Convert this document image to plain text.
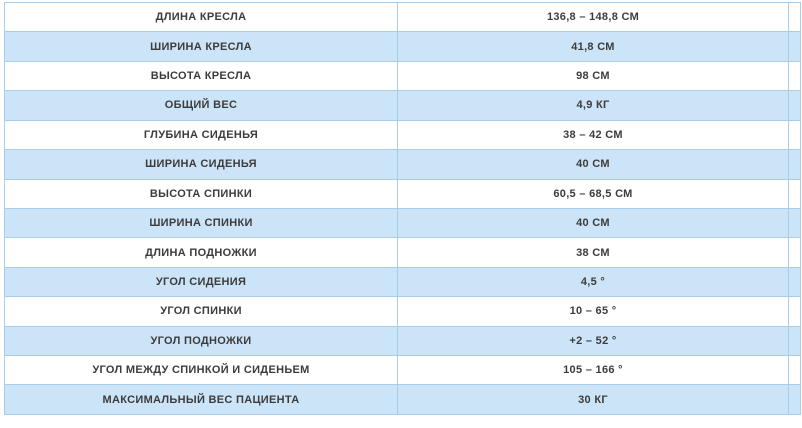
ДЛИНА КРЕСЛА	136,8 – 148,8 СМ	
ШИРИНА КРЕСЛА	41,8 СМ	
ВЫСОТА КРЕСЛА	98 СМ	
ОБЩИЙ ВЕС	4,9 КГ	
ГЛУБИНА СИДЕНЬЯ	38 – 42 СМ	
ШИРИНА СИДЕНЬЯ	40 СМ	
ВЫСОТА СПИНКИ	60,5 – 68,5 СМ	
ШИРИНА СПИНКИ	40 СМ	
ДЛИНА ПОДНОЖКИ	38 СМ	
УГОЛ СИДЕНИЯ	4,5 °	
УГОЛ СПИНКИ	10 – 65 °	
УГОЛ ПОДНОЖКИ	+2 – 52 °	
УГОЛ МЕЖДУ СПИНКОЙ И СИДЕНЬЕМ	105 – 166 °	
МАКСИМАЛЬНЫЙ ВЕС ПАЦИЕНТА	30 КГ	
